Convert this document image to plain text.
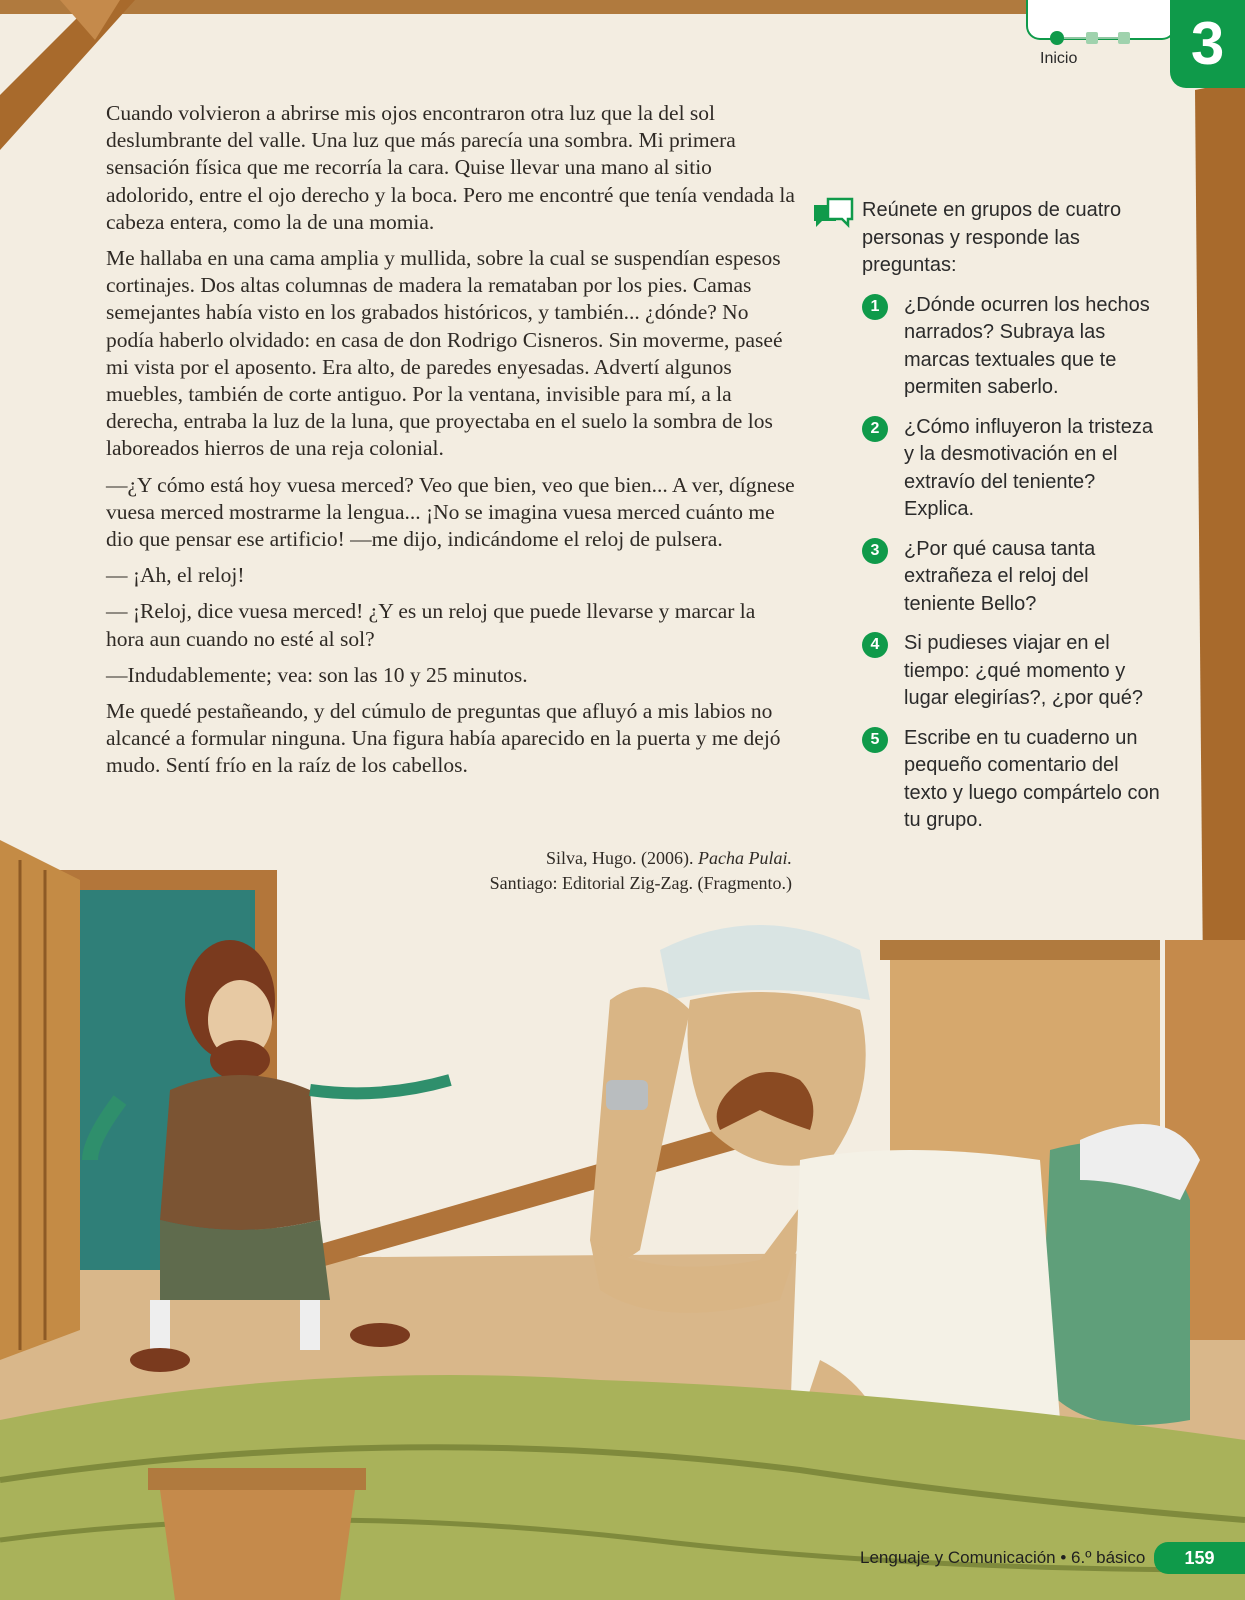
Inicio	3

Cuando volvieron a abrirse mis ojos encontraron otra luz que la del sol deslumbrante del valle. Una luz que más parecía una sombra. Mi primera sensación física que me recorría la cara. Quise llevar una mano al sitio adolorido, entre el ojo derecho y la boca. Pero me encontré que tenía vendada la cabeza entera, como la de una momia.

Me hallaba en una cama amplia y mullida, sobre la cual se suspendían espesos cortinajes. Dos altas columnas de madera la remataban por los pies. Camas semejantes había visto en los grabados históricos, y también... ¿dónde? No podía haberlo olvidado: en casa de don Rodrigo Cisneros. Sin moverme, paseé mi vista por el aposento. Era alto, de paredes enyesadas. Advertí algunos muebles, también de corte antiguo. Por la ventana, invisible para mí, a la derecha, entraba la luz de la luna, que proyectaba en el suelo la sombra de los laboreados hierros de una reja colonial.

—¿Y cómo está hoy vuesa merced? Veo que bien, veo que bien... A ver, dígnese vuesa merced mostrarme la lengua... ¡No se imagina vuesa merced cuánto me dio que pensar ese artificio! —me dijo, indicándome el reloj de pulsera.

— ¡Ah, el reloj!

— ¡Reloj, dice vuesa merced! ¿Y es un reloj que puede llevarse y marcar la hora aun cuando no esté al sol?

—Indudablemente; vea: son las 10 y 25 minutos.

Me quedé pestañeando, y del cúmulo de preguntas que afluyó a mis labios no alcancé a formular ninguna. Una figura había aparecido en la puerta y me dejó mudo. Sentí frío en la raíz de los cabellos.

Silva, Hugo. (2006). Pacha Pulai.
Santiago: Editorial Zig-Zag. (Fragmento.)
Reúnete en grupos de cuatro personas y responde las preguntas:
1	¿Dónde ocurren los hechos narrados? Subraya las marcas textuales que te permiten saberlo.
2	¿Cómo influyeron la tristeza y la desmotivación en el extravío del teniente? Explica.
3	¿Por qué causa tanta extrañeza el reloj del teniente Bello?
4	Si pudieses viajar en el tiempo: ¿qué momento y lugar elegirías?, ¿por qué?
5	Escribe en tu cuaderno un pequeño comentario del texto y luego compártelo con tu grupo.
Lenguaje y Comunicación • 6.º básico	159
